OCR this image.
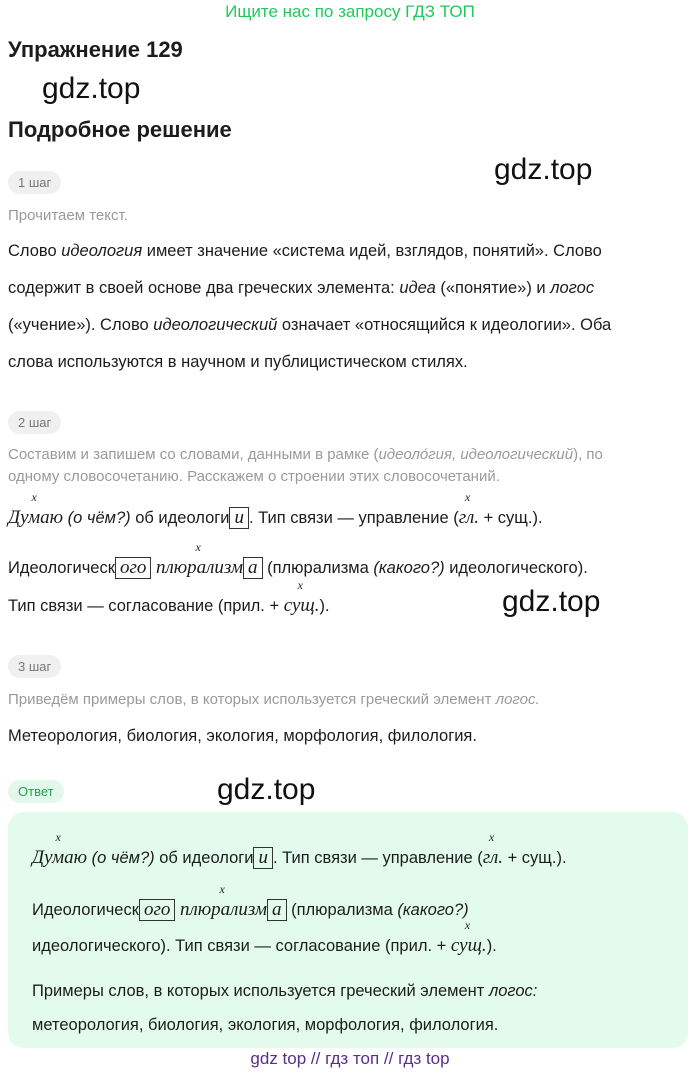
Ищите нас по запросу ГДЗ ТОП
Упражнение 129
gdz.top
Подробное решение
gdz.top
1 шаг
Прочитаем текст.
Слово идеология имеет значение «система идей, взглядов, понятий». Слово
содержит в своей основе два греческих элемента: идеа («понятие») и логос
(«учение»). Слово идеологический означает «относящийся к идеологии». Оба
слова используются в научном и публицистическом стилях.
2 шаг
Составим и запишем со словами, данными в рамке (идеоло́гия, идеологический), по
одному словосочетанию. Расскажем о строении этих словосочетаний.
x
Думаю (о чём?) об идеологи и . Тип связи — управление (
x
гл. + сущ.).
Идеологическ ого
x
плюрализм а (плюрализма (какого?) идеологического).
Тип связи — согласование (прил. +
x
сущ.).	gdz.top
3 шаг
Приведём примеры слов, в которых используется греческий элемент логос.
Метеорология, биология, экология, морфология, филология.
Ответ	gdz.top
x
Думаю (о чём?) об идеологи и . Тип связи — управление (
x
гл. + сущ.).
Идеологическ ого
x
плюрализм а (плюрализма (какого?)
идеологического). Тип связи — согласование (прил. +
x
сущ.).
Примеры слов, в которых используется греческий элемент логос:
метеорология, биология, экология, морфология, филология.
gdz top // гдз топ // гдз top
